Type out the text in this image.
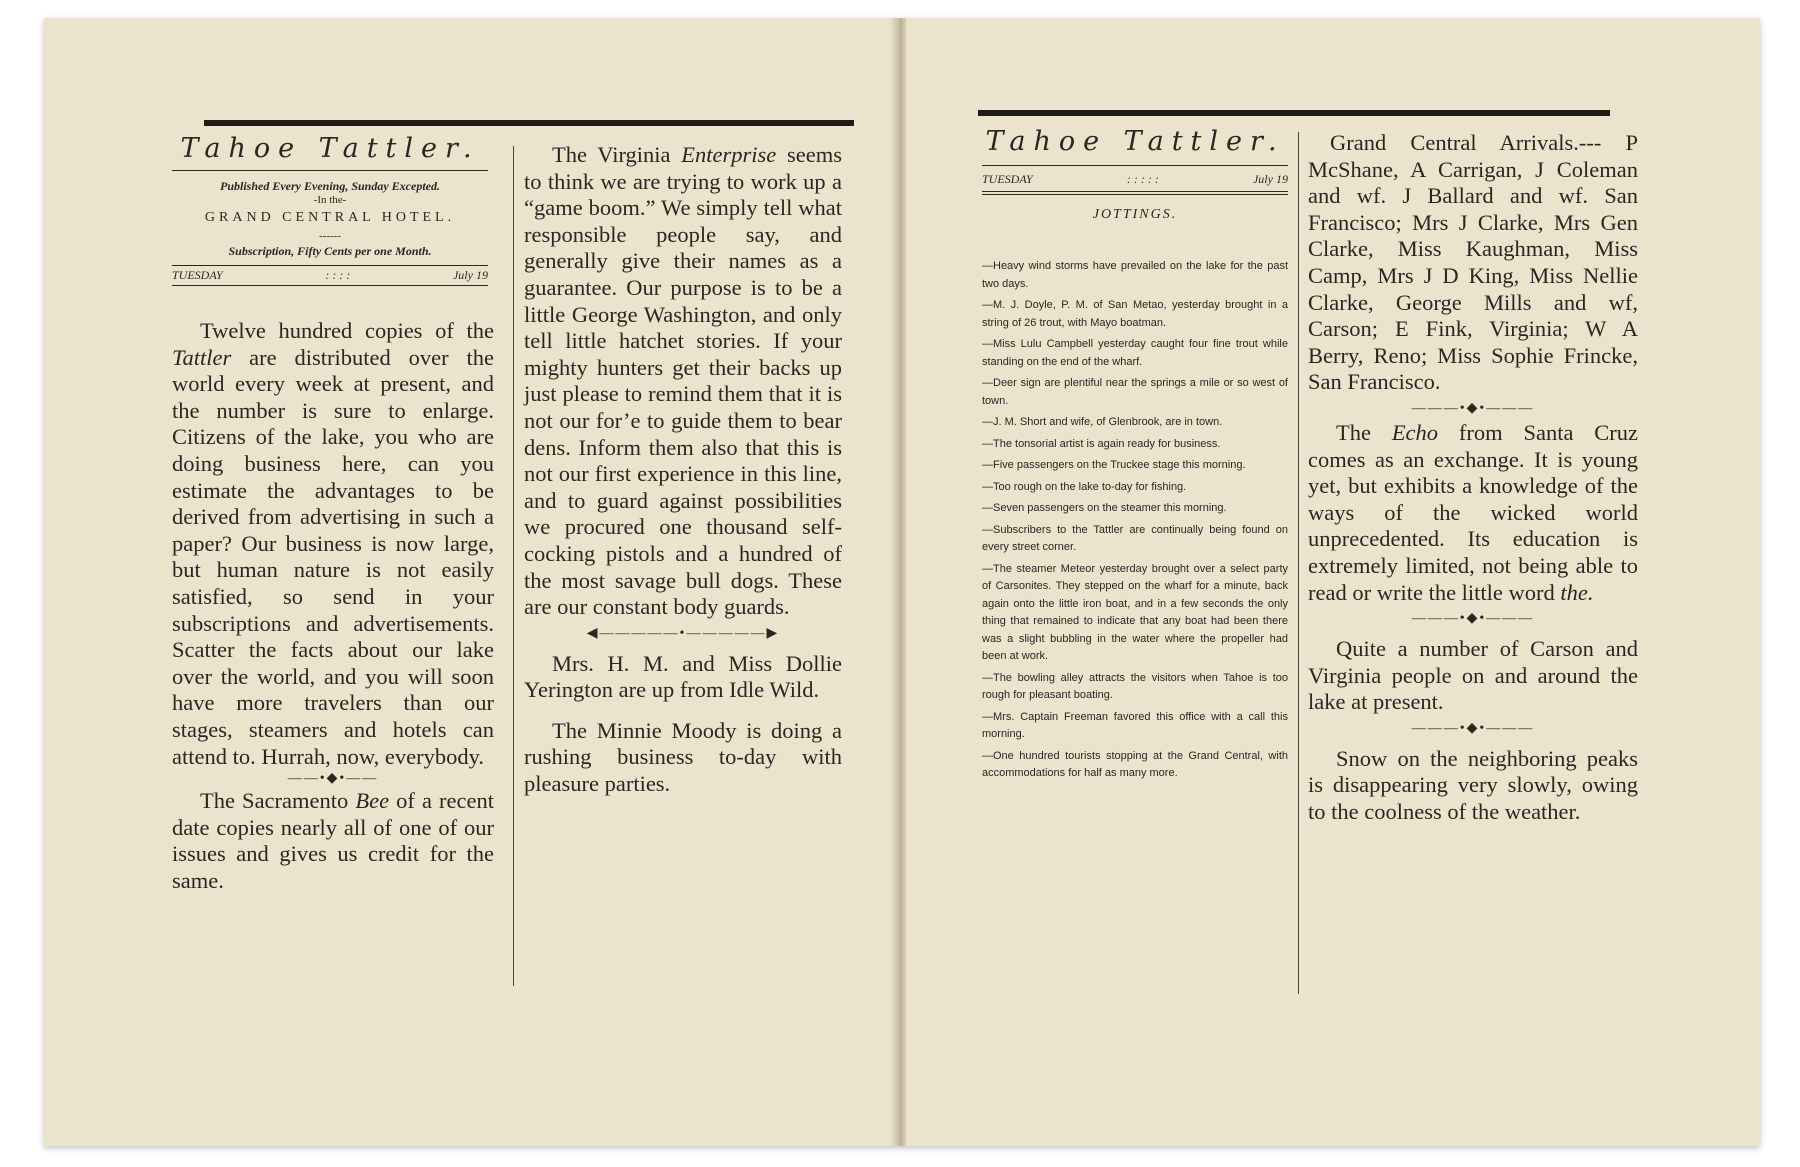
Tahoe Tattler.
Published Every Evening, Sunday Excepted.
-In the-
GRAND CENTRAL HOTEL.
------
Subscription, Fifty Cents per one Month.
TUESDAY	: : : :	July 19

Twelve hundred copies of the Tattler are distributed over the world every week at present, and the number is sure to enlarge. Citizens of the lake, you who are doing business here, can you estimate the advantages to be derived from advertising in such a paper? Our business is now large, but human nature is not easily satisfied, so send in your subscriptions and advertisements. Scatter the facts about our lake over the world, and you will soon have more travelers than our stages, steamers and hotels can attend to. Hurrah, now, everybody.

——•◆•——

The Sacramento Bee of a recent date copies nearly all of one of our issues and gives us credit for the same.

The Virginia Enterprise seems to think we are trying to work up a “game boom.” We simply tell what responsible people say, and generally give their names as a guarantee. Our purpose is to be a little George Washington, and only tell little hatchet stories. If your mighty hunters get their backs up just please to remind them that it is not our for’e to guide them to bear dens. Inform them also that this is not our first experience in this line, and to guard against possibilities we procured one thousand self-cocking pistols and a hundred of the most savage bull dogs. These are our constant body guards.

◀—————•—————▶

Mrs. H. M. and Miss Dollie Yerington are up from Idle Wild.

The Minnie Moody is doing a rushing business to-day with pleasure parties.

Tahoe Tattler.
TUESDAY	: : : : :	July 19
JOTTINGS.

— Heavy wind storms have prevailed on the lake for the past two days.

— M. J. Doyle, P. M. of San Metao, yesterday brought in a string of 26 trout, with Mayo boatman.

— Miss Lulu Campbell yesterday caught four fine trout while standing on the end of the wharf.

— Deer sign are plentiful near the springs a mile or so west of town.

— J. M. Short and wife, of Glenbrook, are in town.

— The tonsorial artist is again ready for business.

— Five passengers on the Truckee stage this morning.

— Too rough on the lake to-day for fishing.

— Seven passengers on the steamer this morning.

— Subscribers to the Tattler are continually being found on every street corner.

— The steamer Meteor yesterday brought over a select party of Carsonites. They stepped on the wharf for a minute, back again onto the little iron boat, and in a few seconds the only thing that remained to indicate that any boat had been there was a slight bubbling in the water where the propeller had been at work.

— The bowling alley attracts the visitors when Tahoe is too rough for pleasant boating.

— Mrs. Captain Freeman favored this office with a call this morning.

— One hundred tourists stopping at the Grand Central, with accommodations for half as many more.

Grand Central Arrivals.--- P McShane, A Carrigan, J Coleman and wf. J Ballard and wf. San Francisco; Mrs J Clarke, Mrs Gen Clarke, Miss Kaughman, Miss Camp, Mrs J D King, Miss Nellie Clarke, George Mills and wf, Carson; E Fink, Virginia; W A Berry, Reno; Miss Sophie Frincke, San Francisco.

———•◆•———

The Echo from Santa Cruz comes as an exchange. It is young yet, but exhibits a knowledge of the ways of the wicked world unprecedented. Its education is extremely limited, not being able to read or write the little word the.

———•◆•———

Quite a number of Carson and Virginia people on and around the lake at present.

———•◆•———

Snow on the neighboring peaks is disappearing very slowly, owing to the coolness of the weather.
